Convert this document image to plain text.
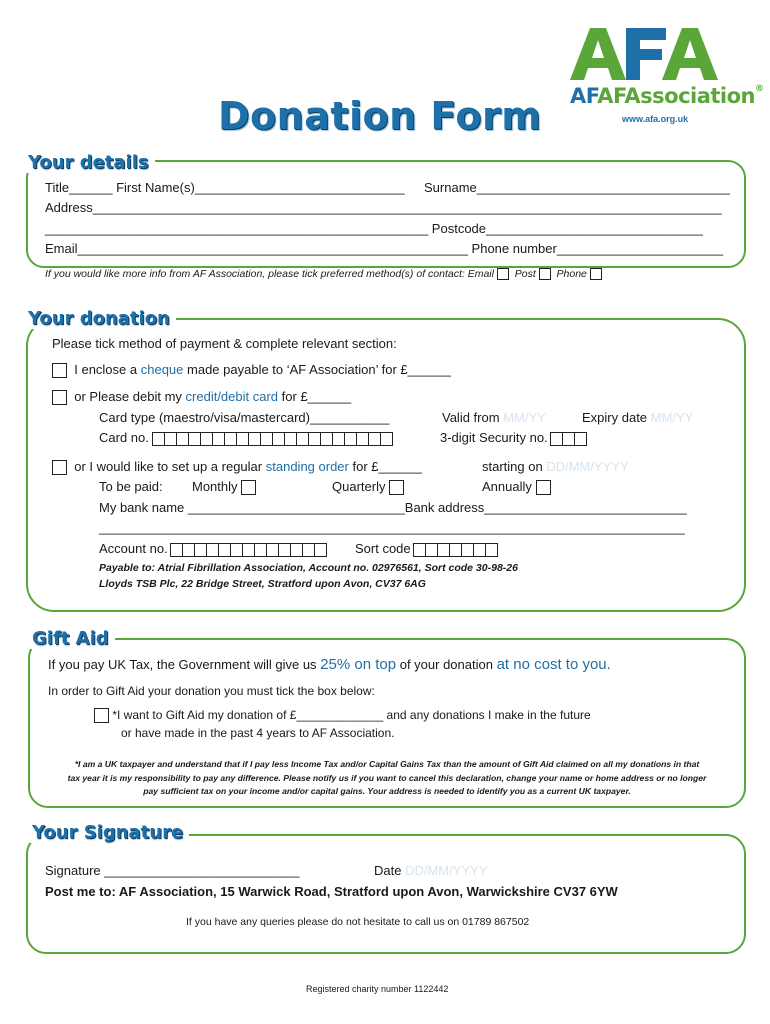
AFAFAssociation®
www.afa.org.uk
Donation Form
Your details
Title______ First Name(s)_____________________________ Surname___________________________________
Address_______________________________________________________________________________________
_____________________________________________________ Postcode______________________________
Email______________________________________________________ Phone number_______________________
If you would like more info from AF Association, please tick preferred method(s) of contact: Email Post Phone
Your donation
Please tick method of payment & complete relevant section:
I enclose a cheque made payable to ‘AF Association’ for £______
or Please debit my credit/debit card for £______
Card type (maestro/visa/mastercard)___________	Valid from MM/YY	Expiry date MM/YY
Card no.	3-digit Security no.
or I would like to set up a regular standing order for £______	starting on DD/MM/YYYY
To be paid: Monthly	Quarterly	Annually
My bank name ______________________________Bank address____________________________
_________________________________________________________________________________
Account no.	Sort code
Payable to: Atrial Fibrillation Association, Account no. 02976561, Sort code 30-98-26
Lloyds TSB Plc, 22 Bridge Street, Stratford upon Avon, CV37 6AG
Gift Aid
If you pay UK Tax, the Government will give us 25% on top of your donation at no cost to you.
In order to Gift Aid your donation you must tick the box below:
*I want to Gift Aid my donation of £_____________ and any donations I make in the future
or have made in the past 4 years to AF Association.
*I am a UK taxpayer and understand that if I pay less Income Tax and/or Capital Gains Tax than the amount of Gift Aid claimed on all my donations in that
tax year it is my responsibility to pay any difference. Please notify us if you want to cancel this declaration, change your name or home address or no longer
pay sufficient tax on your income and/or capital gains. Your address is needed to identify you as a current UK taxpayer.
Your Signature
Signature ___________________________	Date DD/MM/YYYY
Post me to: AF Association, 15 Warwick Road, Stratford upon Avon, Warwickshire CV37 6YW
If you have any queries please do not hesitate to call us on 01789 867502
Registered charity number 1122442
